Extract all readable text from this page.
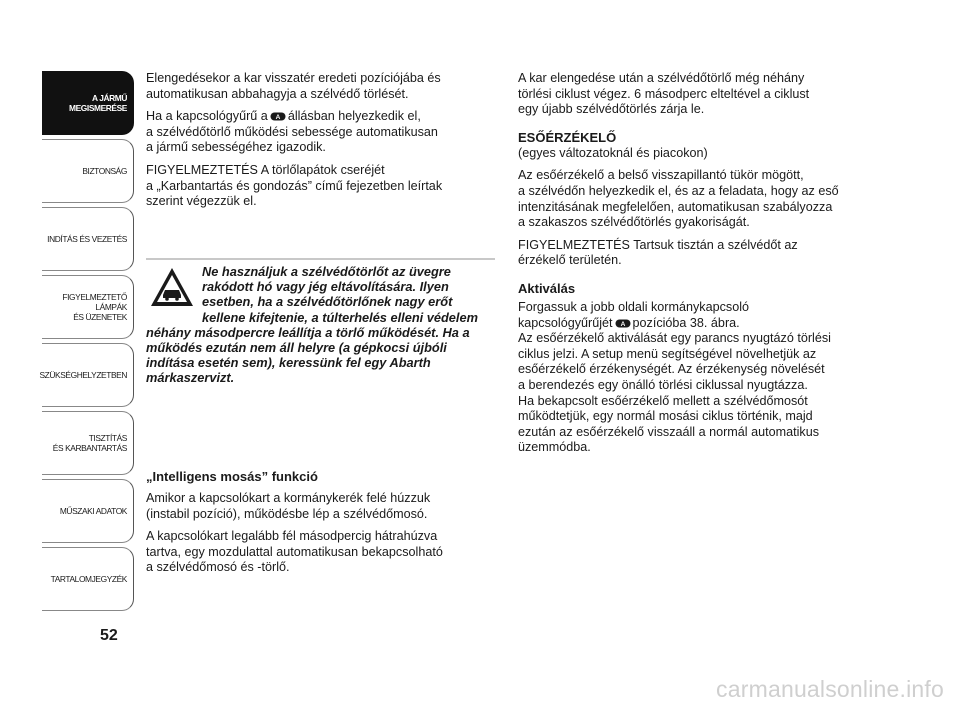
A JÁRMŰ
MEGISMERÉSE
BIZTONSÁG
INDÍTÁS ÉS VEZETÉS
FIGYELMEZTETŐ
LÁMPÁK
ÉS ÜZENETEK
SZÜKSÉGHELYZETBEN
TISZTÍTÁS
ÉS KARBANTARTÁS
MŰSZAKI ADATOK
TARTALOMJEGYZÉK
52

Elengedésekor a kar visszatér eredeti pozíciójába és
automatikusan abbahagyja a szélvédő törlését.

Ha a kapcsológyűrű a A állásban helyezkedik el,
a szélvédőtörlő működési sebessége automatikusan
a jármű sebességéhez igazodik.

FIGYELMEZTETÉS A törlőlapátok cseréjét
a „Karbantartás és gondozás” című fejezetben leírtak
szerint végezzük el.

Ne használjuk a szélvédőtörlőt az üvegre rakódott hó vagy jég eltávolítására. Ilyen esetben, ha a szélvédőtörlőnek nagy erőt kellene kifejtenie, a túlterhelés elleni védelem néhány másodpercre leállítja a törlő működését. Ha a működés ezután nem áll helyre (a gépkocsi újbóli indítása esetén sem), keressünk fel egy Abarth márkaszervizt.

„Intelligens mosás” funkció

Amikor a kapcsolókart a kormánykerék felé húzzuk
(instabil pozíció), működésbe lép a szélvédőmosó.

A kapcsolókart legalább fél másodpercig hátrahúzva
tartva, egy mozdulattal automatikusan bekapcsolható
a szélvédőmosó és -törlő.

A kar elengedése után a szélvédőtörlő még néhány
törlési ciklust végez. 6 másodperc elteltével a ciklust
egy újabb szélvédőtörlés zárja le.

ESŐÉRZÉKELŐ

(egyes változatoknál és piacokon)

Az esőérzékelő a belső visszapillantó tükör mögött,
a szélvédőn helyezkedik el, és az a feladata, hogy az eső
intenzitásának megfelelően, automatikusan szabályozza
a szakaszos szélvédőtörlés gyakoriságát.

FIGYELMEZTETÉS Tartsuk tisztán a szélvédőt az
érzékelő területén.

Aktiválás

Forgassuk a jobb oldali kormánykapcsoló
kapcsológyűrűjét A pozícióba 38. ábra.
Az esőérzékelő aktiválását egy parancs nyugtázó törlési
ciklus jelzi. A setup menü segítségével növelhetjük az
esőérzékelő érzékenységét. Az érzékenység növelését
a berendezés egy önálló törlési ciklussal nyugtázza.
Ha bekapcsolt esőérzékelő mellett a szélvédőmosót
működtetjük, egy normál mosási ciklus történik, majd
ezután az esőérzékelő visszaáll a normál automatikus
üzemmódba.

carmanualsonline.info
